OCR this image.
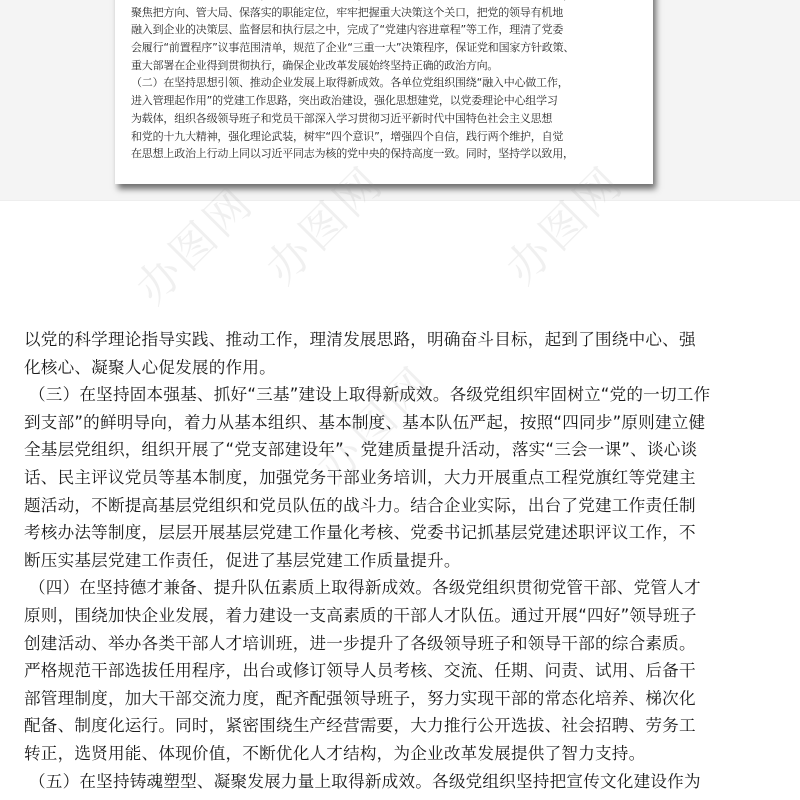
聚焦把方向、管大局、保落实的职能定位，牢牢把握重大决策这个关口，把党的领导有机地
融入到企业的决策层、监督层和执行层之中，完成了“党建内容进章程”等工作，理清了党委
会履行“前置程序”议事范围清单，规范了企业“三重一大”决策程序，保证党和国家方针政策、
重大部署在企业得到贯彻执行，确保企业改革发展始终坚持正确的政治方向。
（二）在坚持思想引领、推动企业发展上取得新成效。各单位党组织围绕“融入中心做工作，
进入管理起作用”的党建工作思路，突出政治建设，强化思想建党，以党委理论中心组学习
为载体，组织各级领导班子和党员干部深入学习贯彻习近平新时代中国特色社会主义思想
和党的十九大精神，强化理论武装，树牢“四个意识”，增强四个自信，践行两个维护，自觉
在思想上政治上行动上同以习近平同志为核的党中央的保持高度一致。同时，坚持学以致用，
办图网
办图网 办图网
办图网
以党的科学理论指导实践、推动工作，理清发展思路，明确奋斗目标，起到了围绕中心、强
化核心、凝聚人心促发展的作用。
（三）在坚持固本强基、抓好“三基”建设上取得新成效。各级党组织牢固树立“党的一切工作
到支部”的鲜明导向，着力从基本组织、基本制度、基本队伍严起，按照“四同步”原则建立健
全基层党组织，组织开展了“党支部建设年”、党建质量提升活动，落实“三会一课”、谈心谈
话、民主评议党员等基本制度，加强党务干部业务培训，大力开展重点工程党旗红等党建主
题活动，不断提高基层党组织和党员队伍的战斗力。结合企业实际，出台了党建工作责任制
考核办法等制度，层层开展基层党建工作量化考核、党委书记抓基层党建述职评议工作，不
断压实基层党建工作责任，促进了基层党建工作质量提升。
（四）在坚持德才兼备、提升队伍素质上取得新成效。各级党组织贯彻党管干部、党管人才
原则，围绕加快企业发展，着力建设一支高素质的干部人才队伍。通过开展“四好”领导班子
创建活动、举办各类干部人才培训班，进一步提升了各级领导班子和领导干部的综合素质。
严格规范干部选拔任用程序，出台或修订领导人员考核、交流、任期、问责、试用、后备干
部管理制度，加大干部交流力度，配齐配强领导班子，努力实现干部的常态化培养、梯次化
配备、制度化运行。同时，紧密围绕生产经营需要，大力推行公开选拔、社会招聘、劳务工
转正，选贤用能、体现价值，不断优化人才结构，为企业改革发展提供了智力支持。
（五）在坚持铸魂塑型、凝聚发展力量上取得新成效。各级党组织坚持把宣传文化建设作为
